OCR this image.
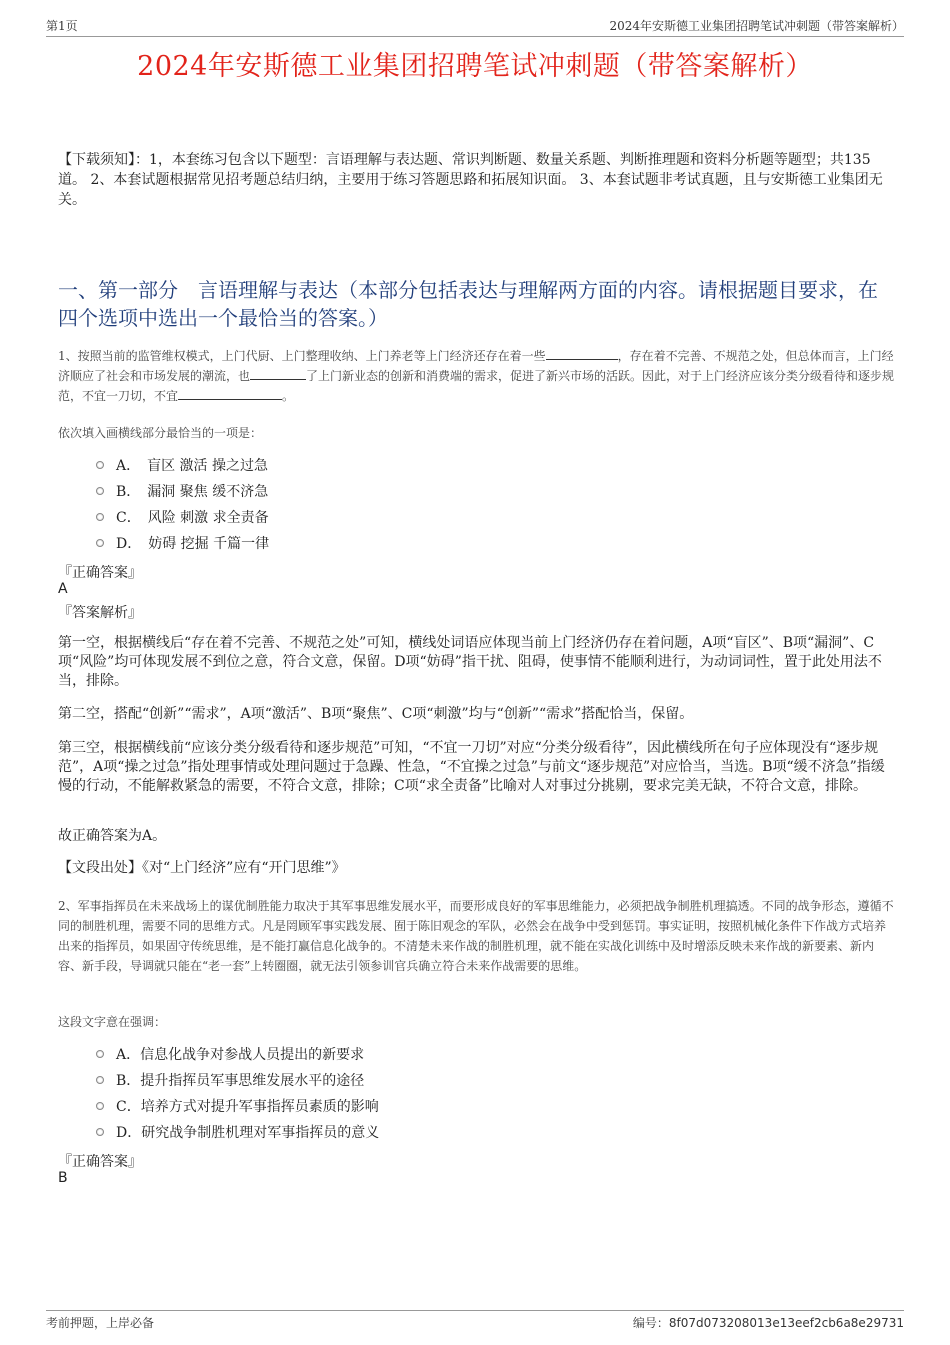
第1页	2024年安斯德工业集团招聘笔试冲刺题（带答案解析）
2024年安斯德工业集团招聘笔试冲刺题（带答案解析）
【下载须知】：1，本套练习包含以下题型：言语理解与表达题、常识判断题、数量关系题、判断推理题和资料分析题等题型；共135道。 2、本套试题根据常见招考题总结归纳，主要用于练习答题思路和拓展知识面。 3、本套试题非考试真题，且与安斯德工业集团无关。
一、第一部分　言语理解与表达（本部分包括表达与理解两方面的内容。请根据题目要求，在四个选项中选出一个最恰当的答案。）
1、按照当前的监管维权模式，上门代厨、上门整理收纳、上门养老等上门经济还存在着一些	，存在着不完善、不规范之处，但总体而言，上门经济顺应了社会和市场发展的潮流，也	了上门新业态的创新和消费端的需求，促进了新兴市场的活跃。因此，对于上门经济应该分类分级看待和逐步规范，不宜一刀切，不宜	。
依次填入画横线部分最恰当的一项是：
A．　盲区 激活 操之过急
B．　漏洞 聚焦 缓不济急
C．　风险 刺激 求全责备
D．　妨碍 挖掘 千篇一律
『正确答案』
A
『答案解析』
第一空，根据横线后“存在着不完善、不规范之处”可知，横线处词语应体现当前上门经济仍存在着问题，A项“盲区”、B项“漏洞”、C项“风险”均可体现发展不到位之意，符合文意，保留。D项“妨碍”指干扰、阻碍，使事情不能顺利进行，为动词词性，置于此处用法不当，排除。
第二空，搭配“创新”“需求”，A项“激活”、B项“聚焦”、C项“刺激”均与“创新”“需求”搭配恰当，保留。
第三空，根据横线前“应该分类分级看待和逐步规范”可知，“不宜一刀切”对应“分类分级看待”，因此横线所在句子应体现没有“逐步规范”，A项“操之过急”指处理事情或处理问题过于急躁、性急，“不宜操之过急”与前文“逐步规范”对应恰当，当选。B项“缓不济急”指缓慢的行动，不能解救紧急的需要，不符合文意，排除；C项“求全责备”比喻对人对事过分挑剔，要求完美无缺，不符合文意，排除。
故正确答案为A。
【文段出处】《对“上门经济”应有“开门思维”》
2、军事指挥员在未来战场上的谋优制胜能力取决于其军事思维发展水平，而要形成良好的军事思维能力，必须把战争制胜机理搞透。不同的战争形态，遵循不同的制胜机理，需要不同的思维方式。凡是罔顾军事实践发展、囿于陈旧观念的军队，必然会在战争中受到惩罚。事实证明，按照机械化条件下作战方式培养出来的指挥员，如果固守传统思维，是不能打赢信息化战争的。不清楚未来作战的制胜机理，就不能在实战化训练中及时增添反映未来作战的新要素、新内容、新手段，导调就只能在“老一套”上转圈圈，就无法引领参训官兵确立符合未来作战需要的思维。
这段文字意在强调：
A．信息化战争对参战人员提出的新要求
B．提升指挥员军事思维发展水平的途径
C．培养方式对提升军事指挥员素质的影响
D．研究战争制胜机理对军事指挥员的意义
『正确答案』
B
考前押题，上岸必备	编号：8f07d073208013e13eef2cb6a8e29731
